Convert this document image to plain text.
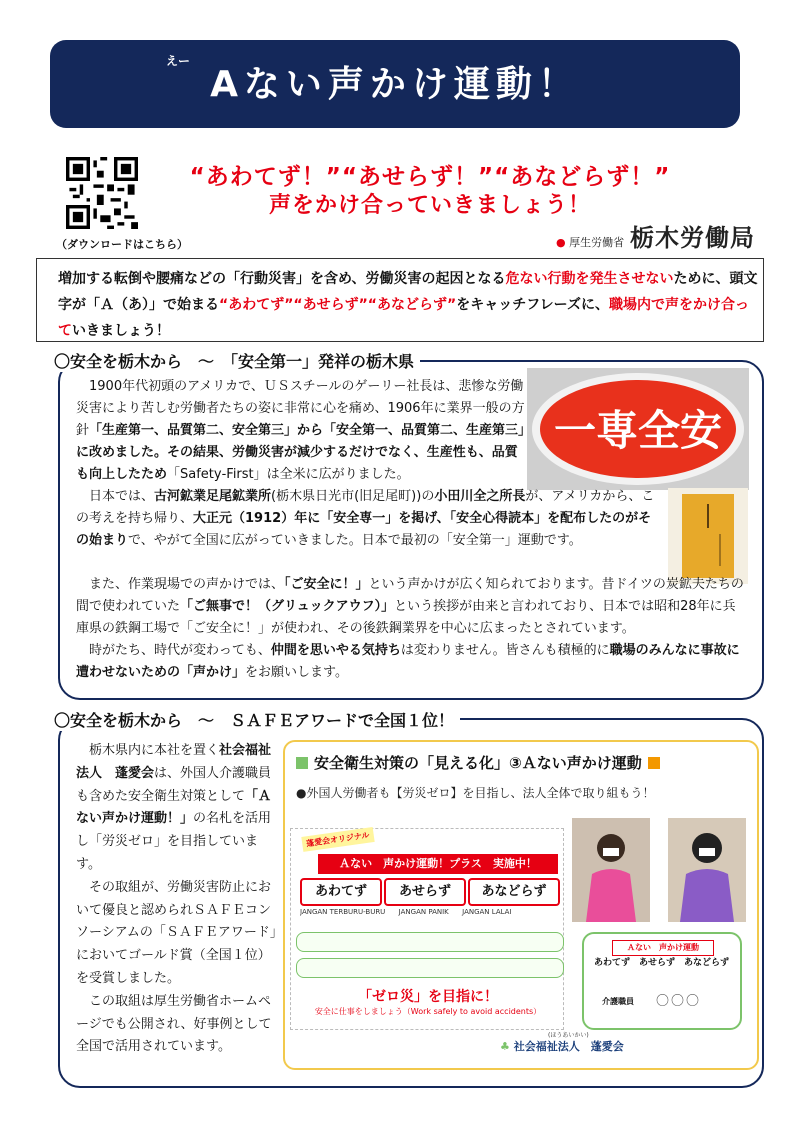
えー
Aない声かけ運動！
（ダウンロードはこちら）
“あわてず！”“あせらず！”“あなどらず！”
声をかけ合っていきましょう！
● 厚生労働省 栃木労働局
増加する転倒や腰痛などの「行動災害」を含め、労働災害の起因となる危ない行動を発生させないために、頭文字が「Ａ（あ）」で始まる“あわてず”“あせらず”“あなどらず”をキャッチフレーズに、職場内で声をかけ合っていきましょう！
〇安全を栃木から　～　「安全第一」発祥の栃木県
一専全安

1900年代初頭のアメリカで、ＵＳスチールのゲーリー社長は、悲惨な労働災害により苦しむ労働者たちの姿に非常に心を痛め、1906年に業界一般の方針「生産第一、品質第二、安全第三」から「安全第一、品質第二、生産第三」に改めました。その結果、労働災害が減少するだけでなく、生産性も、品質も向上したため「Safety‐First」は全米に広がりました。

日本では、古河鉱業足尾鉱業所(栃木県日光市(旧足尾町))の小田川全之所長が、アメリカから、この考えを持ち帰り、大正元（1912）年に「安全専一」を掲げ、「安全心得読本」を配布したのがその始まりで、やがて全国に広がっていきました。日本で最初の「安全第一」運動です。

また、作業現場での声かけでは、「ご安全に！」という声かけが広く知られております。昔ドイツの炭鉱夫たちの間で使われていた「ご無事で！（グリュックアウフ）」という挨拶が由来と言われており、日本では昭和28年に兵庫県の鉄鋼工場で「ご安全に！」が使われ、その後鉄鋼業界を中心に広まったとされています。

時がたち、時代が変わっても、仲間を思いやる気持ちは変わりません。皆さんも積極的に職場のみんなに事故に遭わせないための「声かけ」をお願いします。

〇安全を栃木から　～　ＳＡＦＥアワードで全国１位！

栃木県内に本社を置く社会福祉法人　蓬愛会は、外国人介護職員も含めた安全衛生対策として「Ａない声かけ運動！」の名札を活用し「労災ゼロ」を目指しています。

その取組が、労働災害防止において優良と認められＳＡＦＥコンソーシアムの「ＳＡＦＥアワード」においてゴールド賞（全国１位）を受賞しました。

この取組は厚生労働省ホームページでも公開され、好事例として全国で活用されています。

安全衛生対策の「見える化」③Ａない声かけ運動
●外国人労働者も【労災ゼロ】を目指し、法人全体で取り組もう！
蓬愛会オリジナル
Ａない　声かけ運動！プラス　実施中！
あわてず	あせらず	あなどらず
JANGAN TERBURU-BURU JANGAN PANIK JANGAN LALAI
「ゼロ災」を目指に！
安全に仕事をしましょう（Work safely to avoid accidents）
Ａない　声かけ運動
あわてず　あせらず　あなどらず
介護職員 〇〇〇
(ほうあいかい)
♣ 社会福祉法人　蓬愛会
